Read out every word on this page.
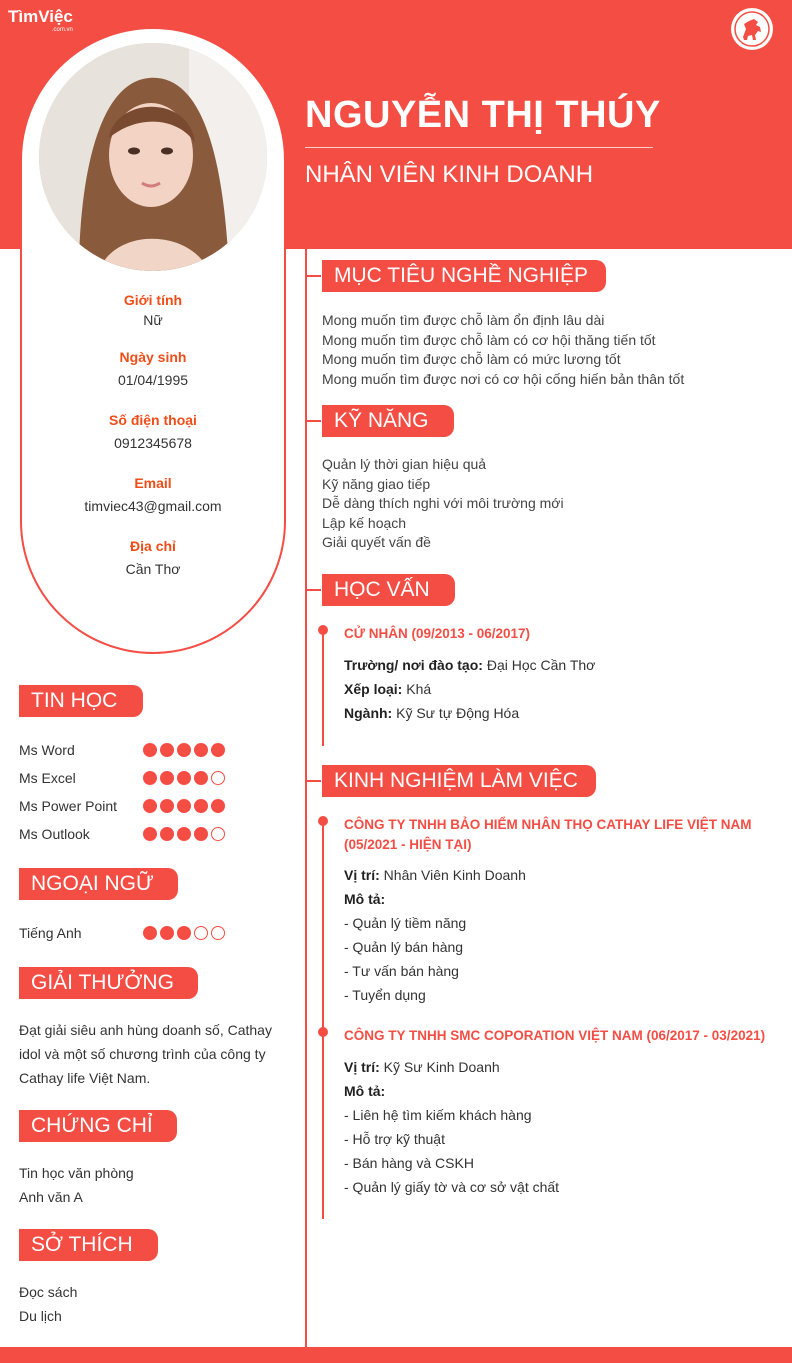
TìmViệc
.com.vn
NGUYỄN THỊ THÚY
NHÂN VIÊN KINH DOANH
Giới tính
Nữ
Ngày sinh
01/04/1995
Số điện thoại
0912345678
Email
timviec43@gmail.com
Địa chỉ
Cần Thơ
TIN HỌC
Ms Word
Ms Excel
Ms Power Point
Ms Outlook
NGOẠI NGỮ
Tiếng Anh
GIẢI THƯỞNG
Đạt giải siêu anh hùng doanh số, Cathay
idol và một số chương trình của công ty
Cathay life Việt Nam.
CHỨNG CHỈ
Tin học văn phòng
Anh văn A
SỞ THÍCH
Đọc sách
Du lịch
MỤC TIÊU NGHỀ NGHIỆP
Mong muốn tìm được chỗ làm ổn định lâu dài
Mong muốn tìm được chỗ làm có cơ hội thăng tiến tốt
Mong muốn tìm được chỗ làm có mức lương tốt
Mong muốn tìm được nơi có cơ hội cống hiến bản thân tốt
KỸ NĂNG
Quản lý thời gian hiệu quả
Kỹ năng giao tiếp
Dễ dàng thích nghi với môi trường mới
Lập kế hoạch
Giải quyết vấn đề
HỌC VẤN
CỬ NHÂN (09/2013 - 06/2017)
Trường/ nơi đào tạo: Đại Học Cần Thơ
Xếp loại: Khá
Ngành: Kỹ Sư tự Động Hóa
KINH NGHIỆM LÀM VIỆC
CÔNG TY TNHH BẢO HIỂM NHÂN THỌ CATHAY LIFE VIỆT NAM
(05/2021 - HIỆN TẠI)
Vị trí: Nhân Viên Kinh Doanh
Mô tả:
- Quản lý tiềm năng
- Quản lý bán hàng
- Tư vấn bán hàng
- Tuyển dụng
CÔNG TY TNHH SMC COPORATION VIỆT NAM (06/2017 - 03/2021)
Vị trí: Kỹ Sư Kinh Doanh
Mô tả:
- Liên hệ tìm kiếm khách hàng
- Hỗ trợ kỹ thuật
- Bán hàng và CSKH
- Quản lý giấy tờ và cơ sở vật chất
